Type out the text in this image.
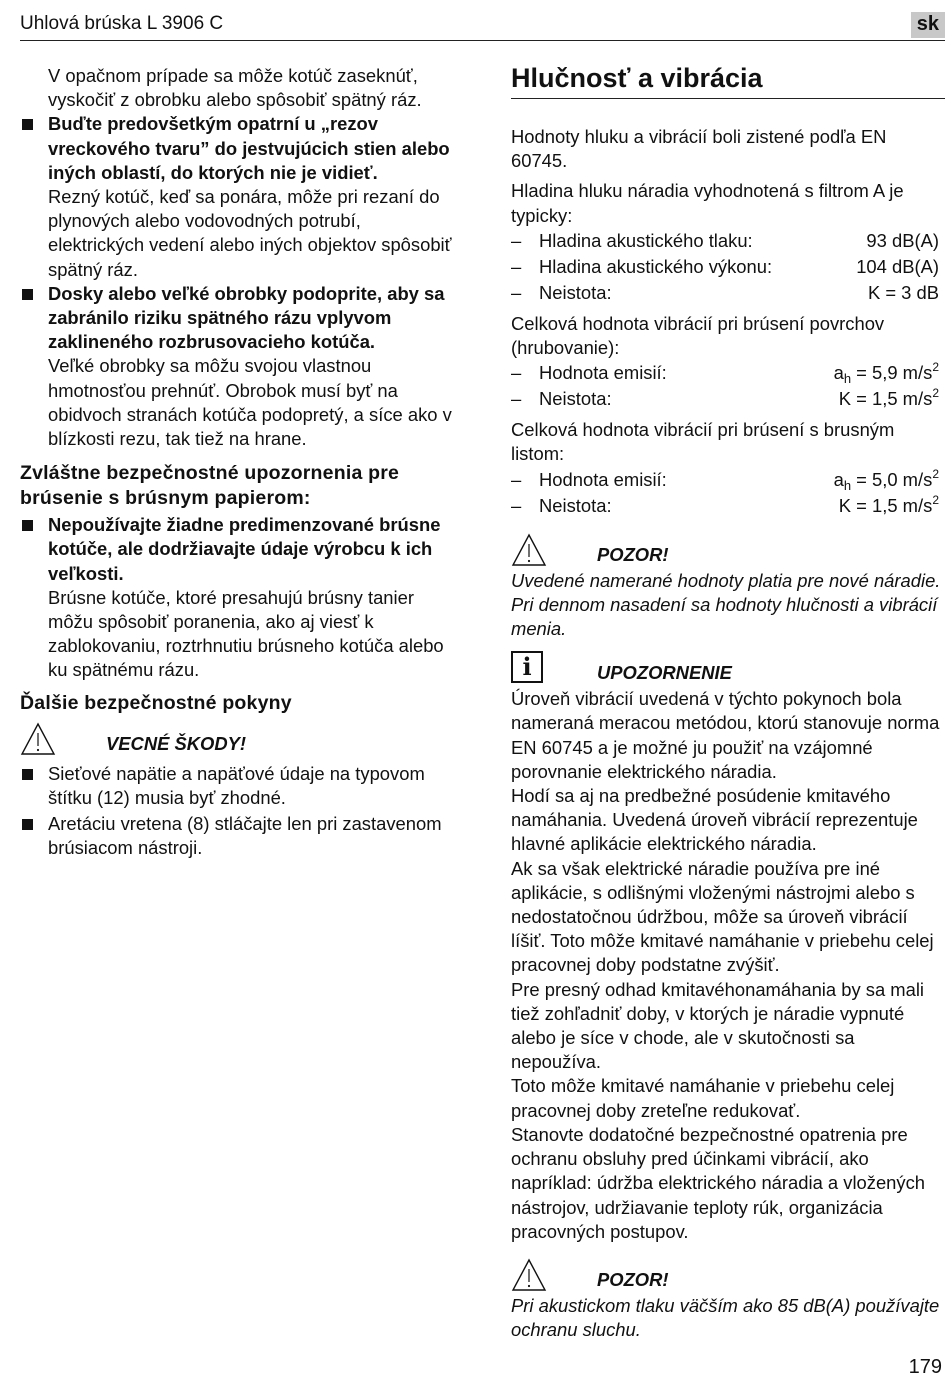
Uhlová brúska L 3906 C	sk

V opačnom prípade sa môže kotúč zaseknúť, vyskočiť z obrobku alebo spôsobiť spätný ráz.

Buďte predovšetkým opatrní u „rezov vreckového tvaru” do jestvujúcich stien alebo iných oblastí, do ktorých nie je vidieť.
Rezný kotúč, keď sa ponára, môže pri rezaní do plynových alebo vodovodných potrubí, elektrických vedení alebo iných objektov spôsobiť spätný ráz.
Dosky alebo veľké obrobky podoprite, aby sa zabránilo riziku spätného rázu vplyvom zaklineného rozbrusovacieho kotúča.
Veľké obrobky sa môžu svojou vlastnou hmotnosťou prehnúť. Obrobok musí byť na obidvoch stranách kotúča podopretý, a síce ako v blízkosti rezu, tak tiež na hrane.
Zvláštne bezpečnostné upozornenia pre brúsenie s brúsnym papierom:
Nepoužívajte žiadne predimenzované brúsne kotúče, ale dodržiavajte údaje výrobcu k ich veľkosti.
Brúsne kotúče, ktoré presahujú brúsny tanier môžu spôsobiť poranenia, ako aj viesť k zablokovaniu, roztrhnutiu brúsneho kotúča alebo ku spätnému rázu.
Ďalšie bezpečnostné pokyny
VECNÉ ŠKODY!
Sieťové napätie a napäťové údaje na typovom štítku (12) musia byť zhodné.
Aretáciu vretena (8) stláčajte len pri zastavenom brúsiacom nástroji.
Hlučnosť a vibrácia

Hodnoty hluku a vibrácií boli zistené podľa EN 60745.

Hladina hluku náradia vyhodnotená s filtrom A je typicky:

– Hladina akustického tlaku:	93 dB(A)
– Hladina akustického výkonu:	104 dB(A)
– Neistota:	K = 3 dB

Celková hodnota vibrácií pri brúsení povrchov (hrubovanie):

– Hodnota emisií:	$a_h = 5,9$ $m/s^2$
– Neistota:	K = 1,5 $m/s^2$

Celková hodnota vibrácií pri brúsení s brusným listom:

– Hodnota emisií:	$a_h = 5,0$ $m/s^2$
– Neistota:	K = 1,5 $m/s^2$
POZOR!

Uvedené namerané hodnoty platia pre nové náradie. Pri dennom nasadení sa hodnoty hlučnosti a vibrácií menia.

i	UPOZORNENIE

Úroveň vibrácií uvedená v týchto pokynoch bola nameraná meracou metódou, ktorú stanovuje norma EN 60745 a je možné ju použiť na vzájomné porovnanie elektrického náradia.

Hodí sa aj na predbežné posúdenie kmitavého namáhania. Uvedená úroveň vibrácií reprezentuje hlavné aplikácie elektrického náradia.

Ak sa však elektrické náradie používa pre iné aplikácie, s odlišnými vloženými nástrojmi alebo s nedostatočnou údržbou, môže sa úroveň vibrácií líšiť. Toto môže kmitavé namáhanie v priebehu celej pracovnej doby podstatne zvýšiť.

Pre presný odhad kmitavéhonamáhania by sa mali tiež zohľadniť doby, v ktorých je náradie vypnuté alebo je síce v chode, ale v skutočnosti sa nepoužíva.

Toto môže kmitavé namáhanie v priebehu celej pracovnej doby zreteľne redukovať.

Stanovte dodatočné bezpečnostné opatrenia pre ochranu obsluhy pred účinkami vibrácií, ako napríklad: údržba elektrického náradia a vložených nástrojov, udržiavanie teploty rúk, organizácia pracovných postupov.

POZOR!

Pri akustickom tlaku väčším ako 85 dB(A) používajte ochranu sluchu.

179
